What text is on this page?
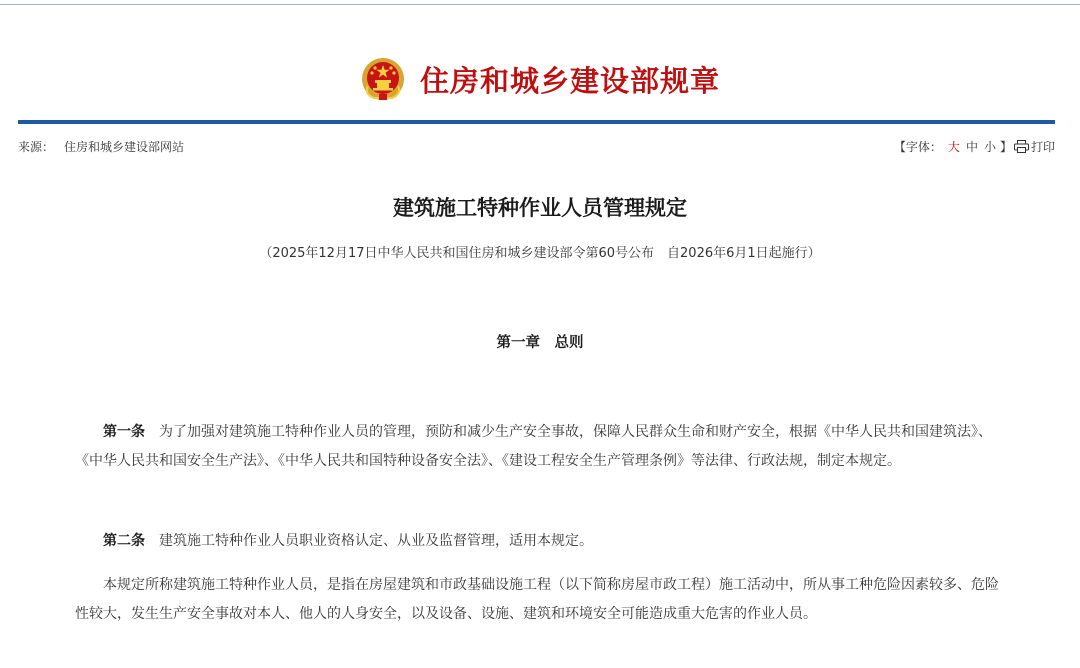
住房和城乡建设部规章
来源： 住房和城乡建设部网站	【字体： 大 中 小 】 打印
建筑施工特种作业人员管理规定
（2025年12月17日中华人民共和国住房和城乡建设部令第60号公布　自2026年6月1日起施行）
第一章　总则

第一条 为了加强对建筑施工特种作业人员的管理，预防和减少生产安全事故，保障人民群众生命和财产安全，根据《中华人民共和国建筑法》、《中华人民共和国安全生产法》、《中华人民共和国特种设备安全法》、《建设工程安全生产管理条例》等法律、行政法规，制定本规定。

第二条 建筑施工特种作业人员职业资格认定、从业及监督管理，适用本规定。

本规定所称建筑施工特种作业人员，是指在房屋建筑和市政基础设施工程（以下简称房屋市政工程）施工活动中，所从事工种危险因素较多、危险性较大，发生生产安全事故对本人、他人的人身安全，以及设备、设施、建筑和环境安全可能造成重大危害的作业人员。
